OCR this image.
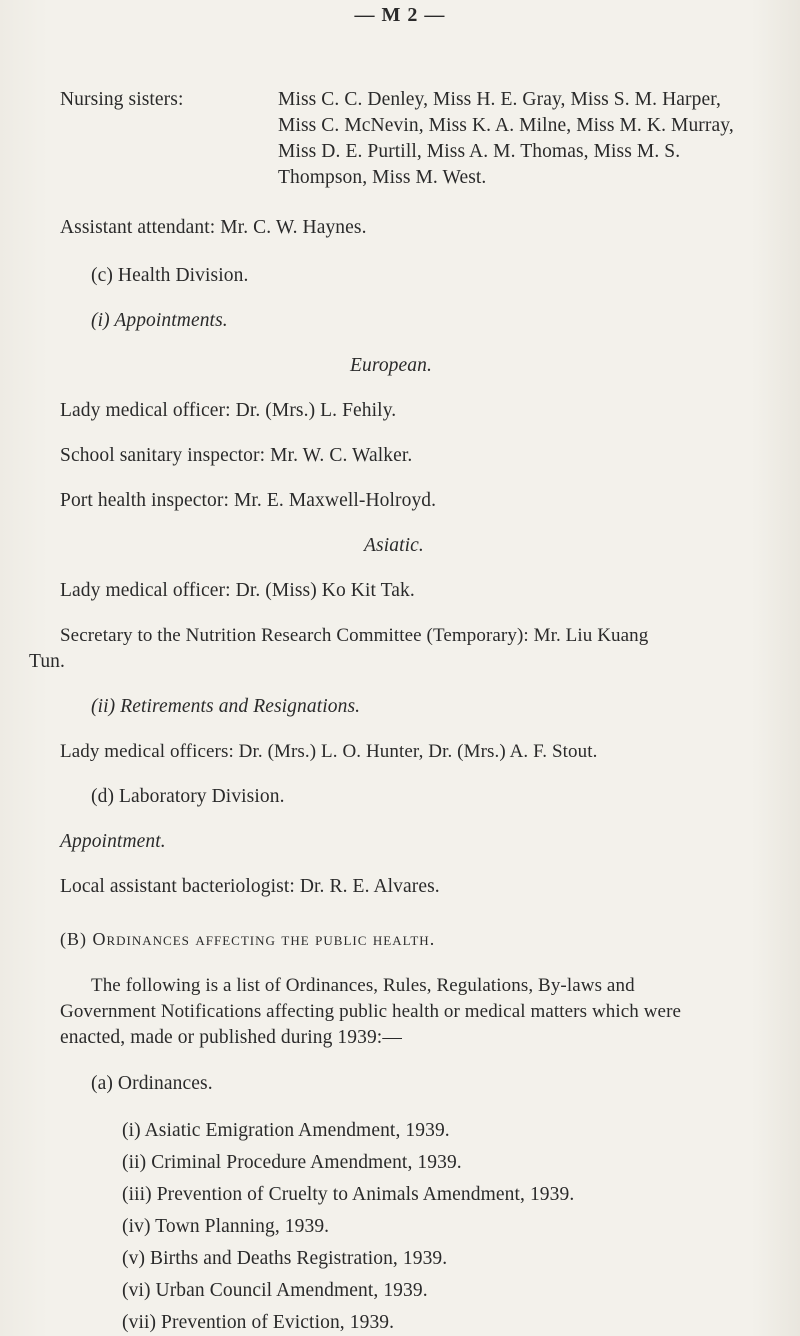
— M 2 —
Nursing sisters:	Miss C. C. Denley, Miss H. E. Gray, Miss S. M. Harper,
Miss C. McNevin, Miss K. A. Milne, Miss M. K. Murray,
Miss D. E. Purtill, Miss A. M. Thomas, Miss M. S.
Thompson, Miss M. West.
Assistant attendant: Mr. C. W. Haynes.
(c) Health Division.
(i) Appointments.
European.
Lady medical officer: Dr. (Mrs.) L. Fehily.
School sanitary inspector: Mr. W. C. Walker.
Port health inspector: Mr. E. Maxwell-Holroyd.
Asiatic.
Lady medical officer: Dr. (Miss) Ko Kit Tak.
Secretary to the Nutrition Research Committee (Temporary): Mr. Liu Kuang
Tun.
(ii) Retirements and Resignations.
Lady medical officers: Dr. (Mrs.) L. O. Hunter, Dr. (Mrs.) A. F. Stout.
(d) Laboratory Division.
Appointment.
Local assistant bacteriologist: Dr. R. E. Alvares.
(B) Ordinances affecting the public health.
The following is a list of Ordinances, Rules, Regulations, By-laws and
Government Notifications affecting public health or medical matters which were
enacted, made or published during 1939:—
(a) Ordinances.
(i) Asiatic Emigration Amendment, 1939.
(ii) Criminal Procedure Amendment, 1939.
(iii) Prevention of Cruelty to Animals Amendment, 1939.
(iv) Town Planning, 1939.
(v) Births and Deaths Registration, 1939.
(vi) Urban Council Amendment, 1939.
(vii) Prevention of Eviction, 1939.
